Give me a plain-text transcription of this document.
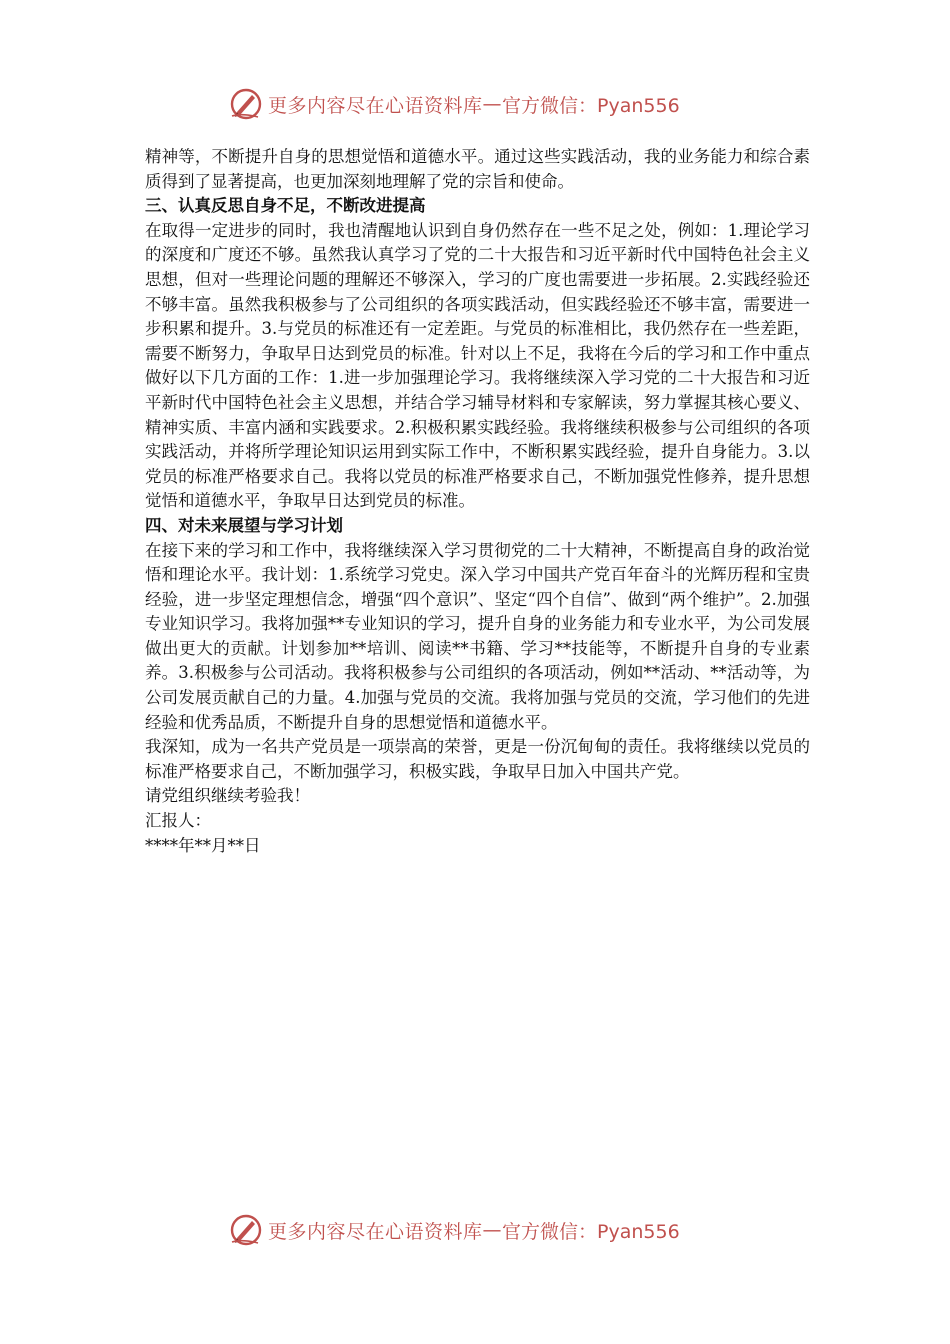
更多内容尽在心语资料库 — 官方微信：Pyan556

精神等，不断提升自身的思想觉悟和道德水平。通过这些实践活动，我的业务能力和综合素质得到了显著提高，也更加深刻地理解了党的宗旨和使命。

三、认真反思自身不足，不断改进提高

在取得一定进步的同时，我也清醒地认识到自身仍然存在一些不足之处，例如：1.理论学习的深度和广度还不够。虽然我认真学习了党的二十大报告和习近平新时代中国特色社会主义思想，但对一些理论问题的理解还不够深入，学习的广度也需要进一步拓展。2.实践经验还不够丰富。虽然我积极参与了公司组织的各项实践活动，但实践经验还不够丰富，需要进一步积累和提升。3.与党员的标准还有一定差距。与党员的标准相比，我仍然存在一些差距，需要不断努力，争取早日达到党员的标准。针对以上不足，我将在今后的学习和工作中重点做好以下几方面的工作：1.进一步加强理论学习。我将继续深入学习党的二十大报告和习近平新时代中国特色社会主义思想，并结合学习辅导材料和专家解读，努力掌握其核心要义、精神实质、丰富内涵和实践要求。2.积极积累实践经验。我将继续积极参与公司组织的各项实践活动，并将所学理论知识运用到实际工作中，不断积累实践经验，提升自身能力。3.以党员的标准严格要求自己。我将以党员的标准严格要求自己，不断加强党性修养，提升思想觉悟和道德水平，争取早日达到党员的标准。

四、对未来展望与学习计划

在接下来的学习和工作中，我将继续深入学习贯彻党的二十大精神，不断提高自身的政治觉悟和理论水平。我计划：1.系统学习党史。深入学习中国共产党百年奋斗的光辉历程和宝贵经验，进一步坚定理想信念，增强“四个意识”、坚定“四个自信”、做到“两个维护”。2.加强专业知识学习。我将加强**专业知识的学习，提升自身的业务能力和专业水平，为公司发展做出更大的贡献。计划参加**培训、阅读**书籍、学习**技能等，不断提升自身的专业素养。3.积极参与公司活动。我将积极参与公司组织的各项活动，例如**活动、**活动等，为公司发展贡献自己的力量。4.加强与党员的交流。我将加强与党员的交流，学习他们的先进经验和优秀品质，不断提升自身的思想觉悟和道德水平。

我深知，成为一名共产党员是一项崇高的荣誉，更是一份沉甸甸的责任。我将继续以党员的标准严格要求自己，不断加强学习，积极实践，争取早日加入中国共产党。

请党组织继续考验我！

汇报人：

****年**月**日

更多内容尽在心语资料库 — 官方微信：Pyan556
